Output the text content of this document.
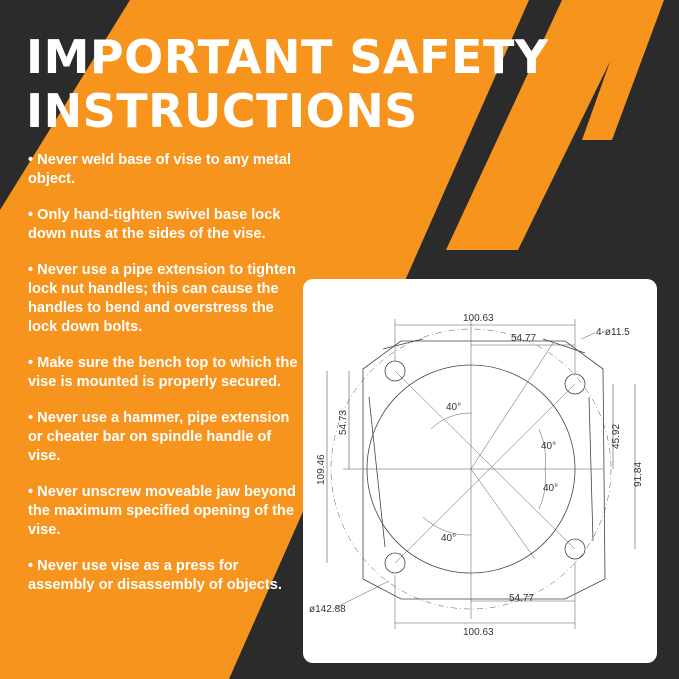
IMPORTANT SAFETY
INSTRUCTIONS
• Never weld base of vise to any metal object.
• Only hand-tighten swivel base lock down nuts at the sides of the vise.
• Never use a pipe extension to tighten lock nut handles; this can cause the handles to bend and overstress the lock down bolts.
• Make sure the bench top to which the vise is mounted is properly secured.
• Never use a hammer, pipe extension or cheater bar on spindle handle of vise.
• Never unscrew moveable jaw beyond the maximum specified opening of the vise.
• Never use vise as a press for assembly or disassembly of objects.
100.63
54.77
4-ø11.5
109.46
54.73
91.84
45.92
40°
40°
40°
40°
ø142.88
54.77
100.63
